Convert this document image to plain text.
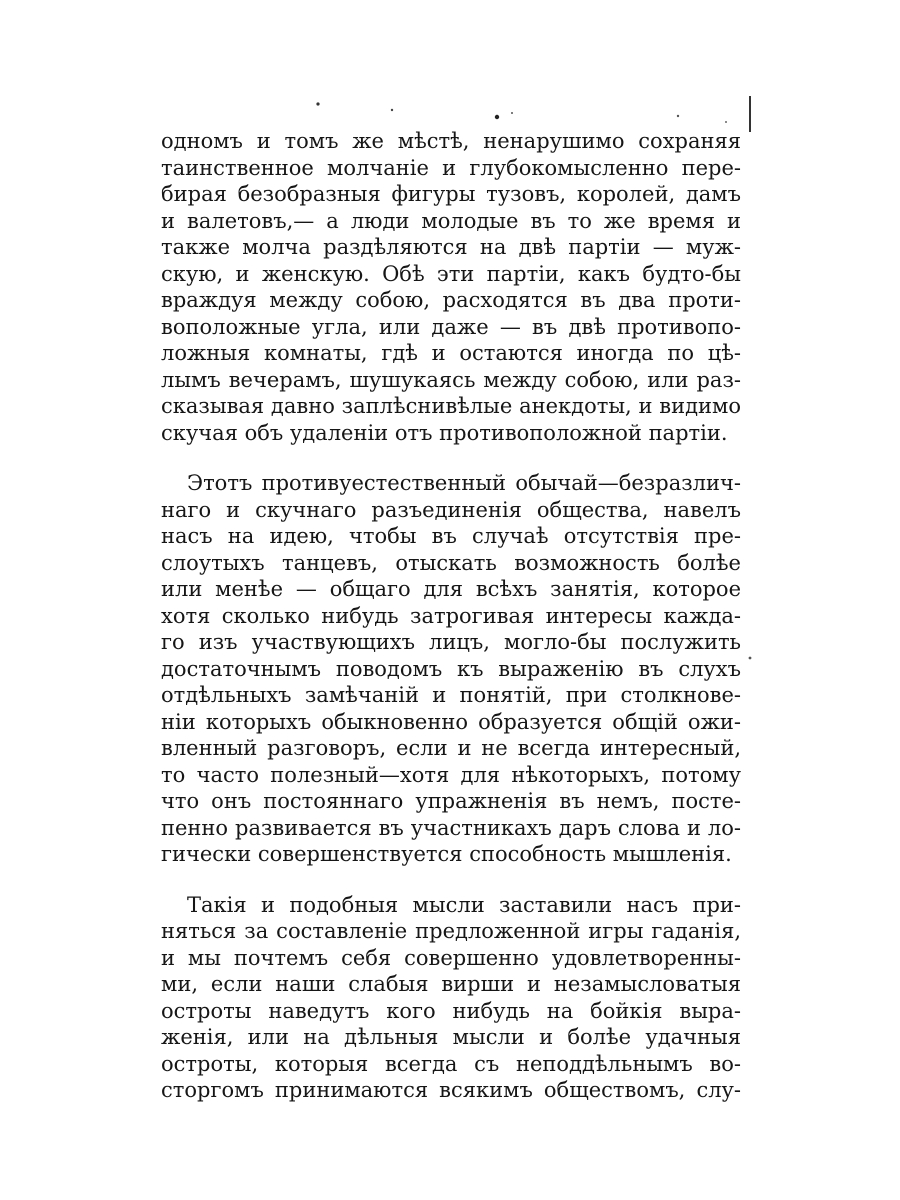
одномъ и томъ же мѣстѣ, ненарушимо сохраняя
таинственное молчаніе и глубокомысленно пере-
бирая безобразныя фигуры тузовъ, королей, дамъ
и валетовъ,— а люди молодые въ то же время и
также молча раздѣляются на двѣ партіи — муж-
скую, и женскую. Обѣ эти партіи, какъ будто-бы
враждуя между собою, расходятся въ два проти-
воположные угла, или даже — въ двѣ противопо-
ложныя комнаты, гдѣ и остаются иногда по цѣ-
лымъ вечерамъ, шушукаясь между собою, или раз-
сказывая давно заплѣснивѣлые анекдоты, и видимо
скучая объ удаленіи отъ противоположной партіи.
Этотъ противуестественный обычай—безразлич-
наго и скучнаго разъединенія общества, навелъ
насъ на идею, чтобы въ случаѣ отсутствія пре-
слоутыхъ танцевъ, отыскать возможность болѣе
или менѣе — общаго для всѣхъ занятія, которое
хотя сколько нибудь затрогивая интересы кажда-
го изъ участвующихъ лицъ, могло-бы послужить
достаточнымъ поводомъ къ выраженію въ слухъ
отдѣльныхъ замѣчаній и понятій, при столкнове-
ніи которыхъ обыкновенно образуется общій ожи-
вленный разговоръ, если и не всегда интересный,
то часто полезный—хотя для нѣкоторыхъ, потому
что онъ постояннаго упражненія въ немъ, посте-
пенно развивается въ участникахъ даръ слова и ло-
гически совершенствуется способность мышленія.
Такія и подобныя мысли заставили насъ при-
няться за составленіе предложенной игры гаданія,
и мы почтемъ себя совершенно удовлетворенны-
ми, если наши слабыя вирши и незамысловатыя
остроты наведутъ кого нибудь на бойкія выра-
женія, или на дѣльныя мысли и болѣе удачныя
остроты, которыя всегда съ неподдѣльнымъ во-
сторгомъ принимаются всякимъ обществомъ, слу-
